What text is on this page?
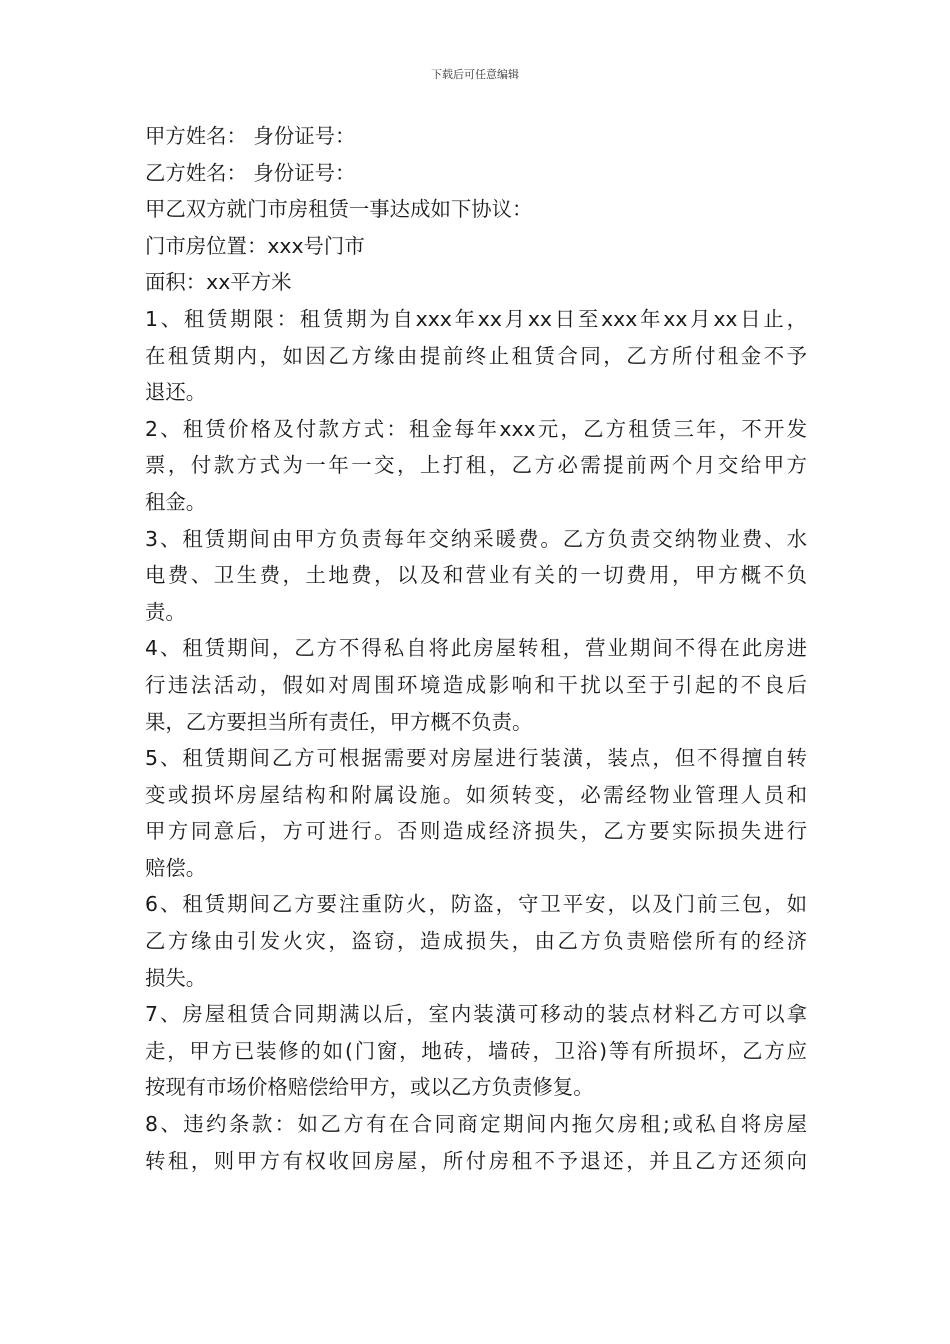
下载后可任意编辑
甲方姓名： 身份证号：
乙方姓名： 身份证号：
甲乙双方就门市房租赁一事达成如下协议：
门市房位置：xxx号门市
面积：xx平方米
1、租赁期限：租赁期为自xxx年xx月xx日至xxx年xx月xx日止，
在租赁期内，如因乙方缘由提前终止租赁合同，乙方所付租金不予
退还。
2、租赁价格及付款方式：租金每年xxx元，乙方租赁三年，不开发
票，付款方式为一年一交，上打租，乙方必需提前两个月交给甲方
租金。
3、租赁期间由甲方负责每年交纳采暖费。乙方负责交纳物业费、水
电费、卫生费，土地费，以及和营业有关的一切费用，甲方概不负
责。
4、租赁期间，乙方不得私自将此房屋转租，营业期间不得在此房进
行违法活动，假如对周围环境造成影响和干扰以至于引起的不良后
果，乙方要担当所有责任，甲方概不负责。
5、租赁期间乙方可根据需要对房屋进行装潢，装点，但不得擅自转
变或损坏房屋结构和附属设施。如须转变，必需经物业管理人员和
甲方同意后，方可进行。否则造成经济损失，乙方要实际损失进行
赔偿。
6、租赁期间乙方要注重防火，防盗，守卫平安，以及门前三包，如
乙方缘由引发火灾，盗窃，造成损失，由乙方负责赔偿所有的经济
损失。
7、房屋租赁合同期满以后，室内装潢可移动的装点材料乙方可以拿
走，甲方已装修的如(门窗，地砖，墙砖，卫浴)等有所损坏，乙方应
按现有市场价格赔偿给甲方，或以乙方负责修复。
8、违约条款：如乙方有在合同商定期间内拖欠房租;或私自将房屋
转租，则甲方有权收回房屋，所付房租不予退还，并且乙方还须向
